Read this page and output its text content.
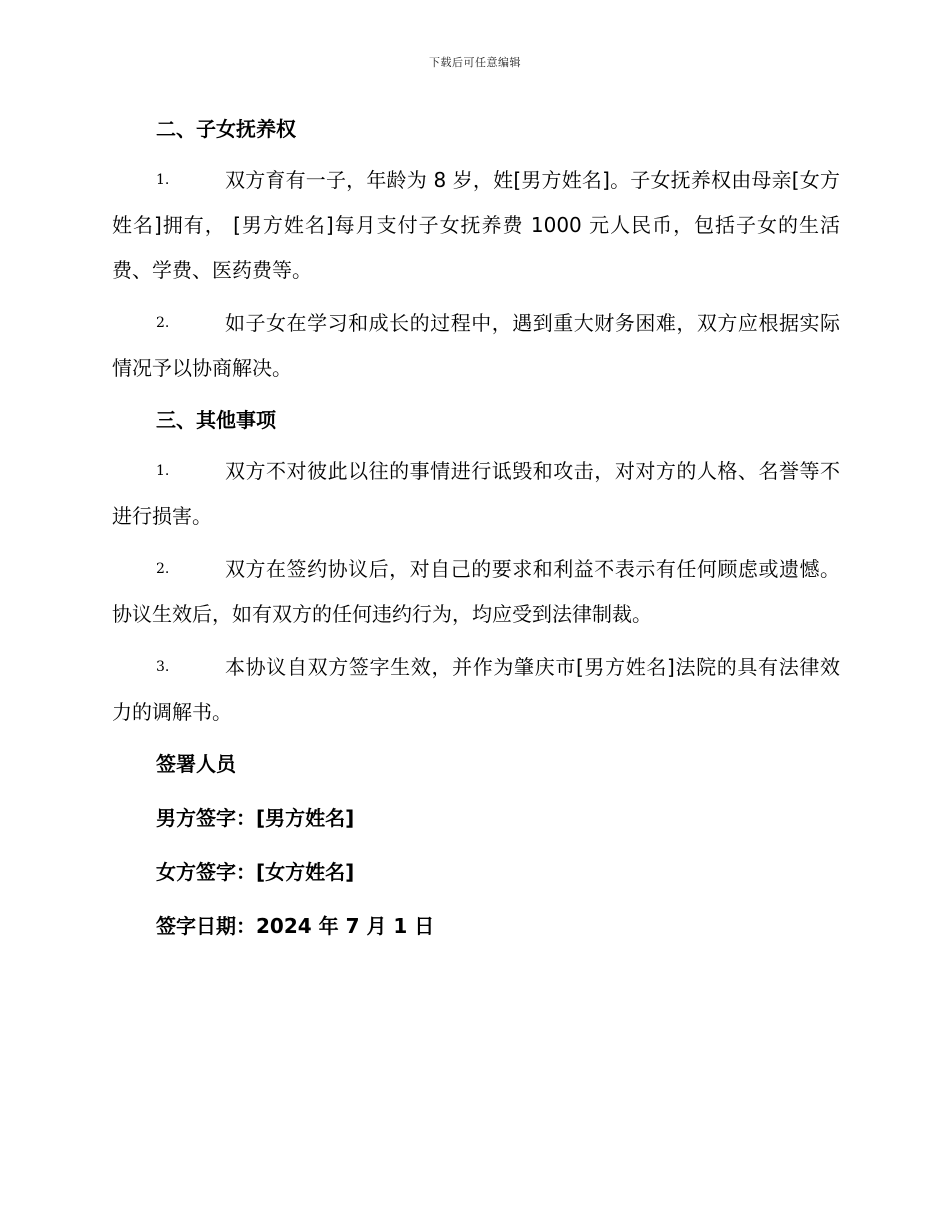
下载后可任意编辑
二、子女抚养权
1.	双方育有一子，年龄为 8 岁，姓[男方姓名]。子女抚养权由母亲[女方姓名]拥有， [男方姓名]每月支付子女抚养费 1000 元人民币，包括子女的生活费、学费、医药费等。
2.	如子女在学习和成长的过程中，遇到重大财务困难，双方应根据实际情况予以协商解决。
三、其他事项
1.	双方不对彼此以往的事情进行诋毁和攻击，对对方的人格、名誉等不进行损害。
2.	双方在签约协议后，对自己的要求和利益不表示有任何顾虑或遗憾。协议生效后，如有双方的任何违约行为，均应受到法律制裁。
3.	本协议自双方签字生效，并作为肇庆市[男方姓名]法院的具有法律效力的调解书。
签署人员
男方签字：[男方姓名]
女方签字：[女方姓名]
签字日期：2024 年 7 月 1 日
